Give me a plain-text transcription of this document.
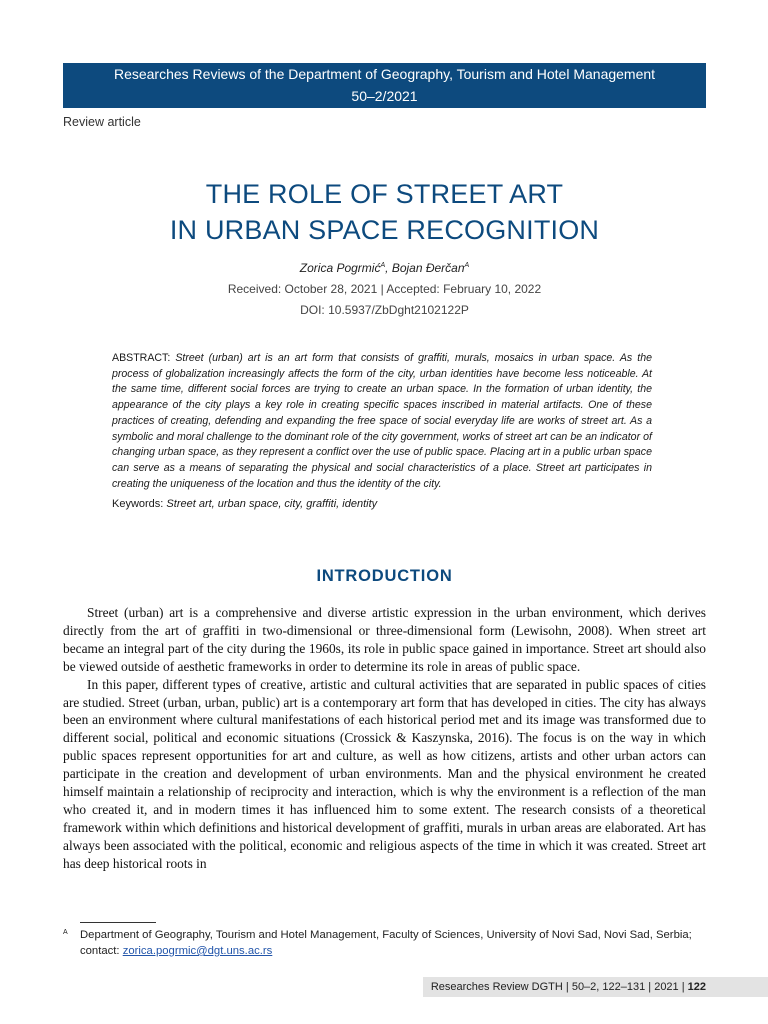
Researches Reviews of the Department of Geography, Tourism and Hotel Management
50–2/2021
Review article
THE ROLE OF STREET ART
IN URBAN SPACE RECOGNITION
Zorica Pogrmić$^A$, Bojan Đerčan$^A$
Received: October 28, 2021 | Accepted: February 10, 2022
DOI: 10.5937/ZbDght2102122P
ABSTRACT: Street (urban) art is an art form that consists of graffiti, murals, mosaics in urban space. As the process of globalization increasingly affects the form of the city, urban identities have become less noticeable. At the same time, different social forces are trying to create an urban space. In the formation of urban identity, the appearance of the city plays a key role in creating specific spaces inscribed in material artifacts. One of these practices of creating, defending and expanding the free space of social everyday life are works of street art. As a symbolic and moral challenge to the dominant role of the city government, works of street art can be an indicator of changing urban space, as they represent a conflict over the use of public space. Placing art in a public urban space can serve as a means of separating the physical and social characteristics of a place. Street art participates in creating the uniqueness of the location and thus the identity of the city.
Keywords: Street art, urban space, city, graffiti, identity
INTRODUCTION

Street (urban) art is a comprehensive and diverse artistic expression in the urban environment, which derives directly from the art of graffiti in two-dimensional or three-dimensional form (Lewisohn, 2008). When street art became an integral part of the city during the 1960s, its role in public space gained in importance. Street art should also be viewed outside of aesthetic frameworks in order to determine its role in areas of public space.

In this paper, different types of creative, artistic and cultural activities that are separated in public spaces of cities are studied. Street (urban, urban, public) art is a contemporary art form that has developed in cities. The city has always been an environment where cultural manifestations of each historical period met and its image was transformed due to different social, political and economic situations (Crossick & Kaszynska, 2016). The focus is on the way in which public spaces represent opportunities for art and culture, as well as how citizens, artists and other urban actors can participate in the creation and development of urban environments. Man and the physical environment he created himself maintain a relationship of reciprocity and interaction, which is why the environment is a reflection of the man who created it, and in modern times it has influenced him to some extent. The research consists of a theoretical framework within which definitions and historical development of graffiti, murals in urban areas are elaborated. Art has always been associated with the political, economic and religious aspects of the time in which it was created. Street art has deep historical roots in

A Department of Geography, Tourism and Hotel Management, Faculty of Sciences, University of Novi Sad, Novi Sad, Serbia; contact: zorica.pogrmic@dgt.uns.ac.rs
Researches Review DGTH | 50–2, 122–131 | 2021 | 122
